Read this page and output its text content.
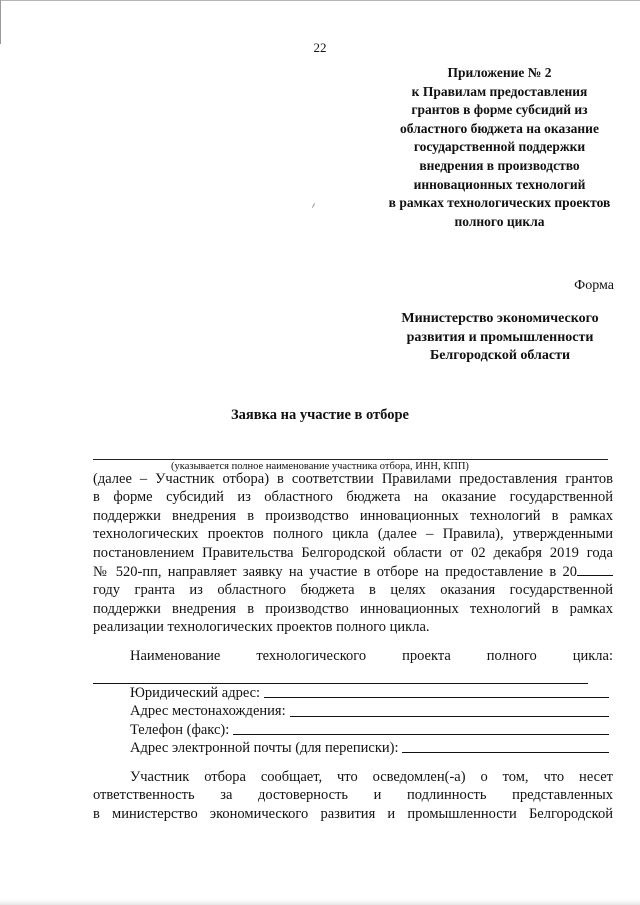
22
Приложение № 2
к Правилам предоставления
грантов в форме субсидий из
областного бюджета на оказание
государственной поддержки
внедрения в производство
инновационных технологий
в рамках технологических проектов
полного цикла
Форма
Министерство экономического
развития и промышленности
Белгородской области
Заявка на участие в отборе
(указывается полное наименование участника отбора, ИНН, КПП)
(далее – Участник отбора) в соответствии Правилами предоставления грантов
в форме субсидий из областного бюджета на оказание государственной
поддержки внедрения в производство инновационных технологий в рамках
технологических проектов полного цикла (далее – Правила), утвержденными
постановлением Правительства Белгородской области от 02 декабря 2019 года
№ 520-пп, направляет заявку на участие в отборе на предоставление в 20
году гранта из областного бюджета в целях оказания государственной
поддержки внедрения в производство инновационных технологий в рамках
реализации технологических проектов полного цикла.
Наименование технологического проекта полного цикла:
Юридический адрес:
Адрес местонахождения:
Телефон (факс):
Адрес электронной почты (для переписки):
Участник отбора сообщает, что осведомлен(-а) о том, что несет
ответственность за достоверность и подлинность представленных
в министерство экономического развития и промышленности Белгородской
